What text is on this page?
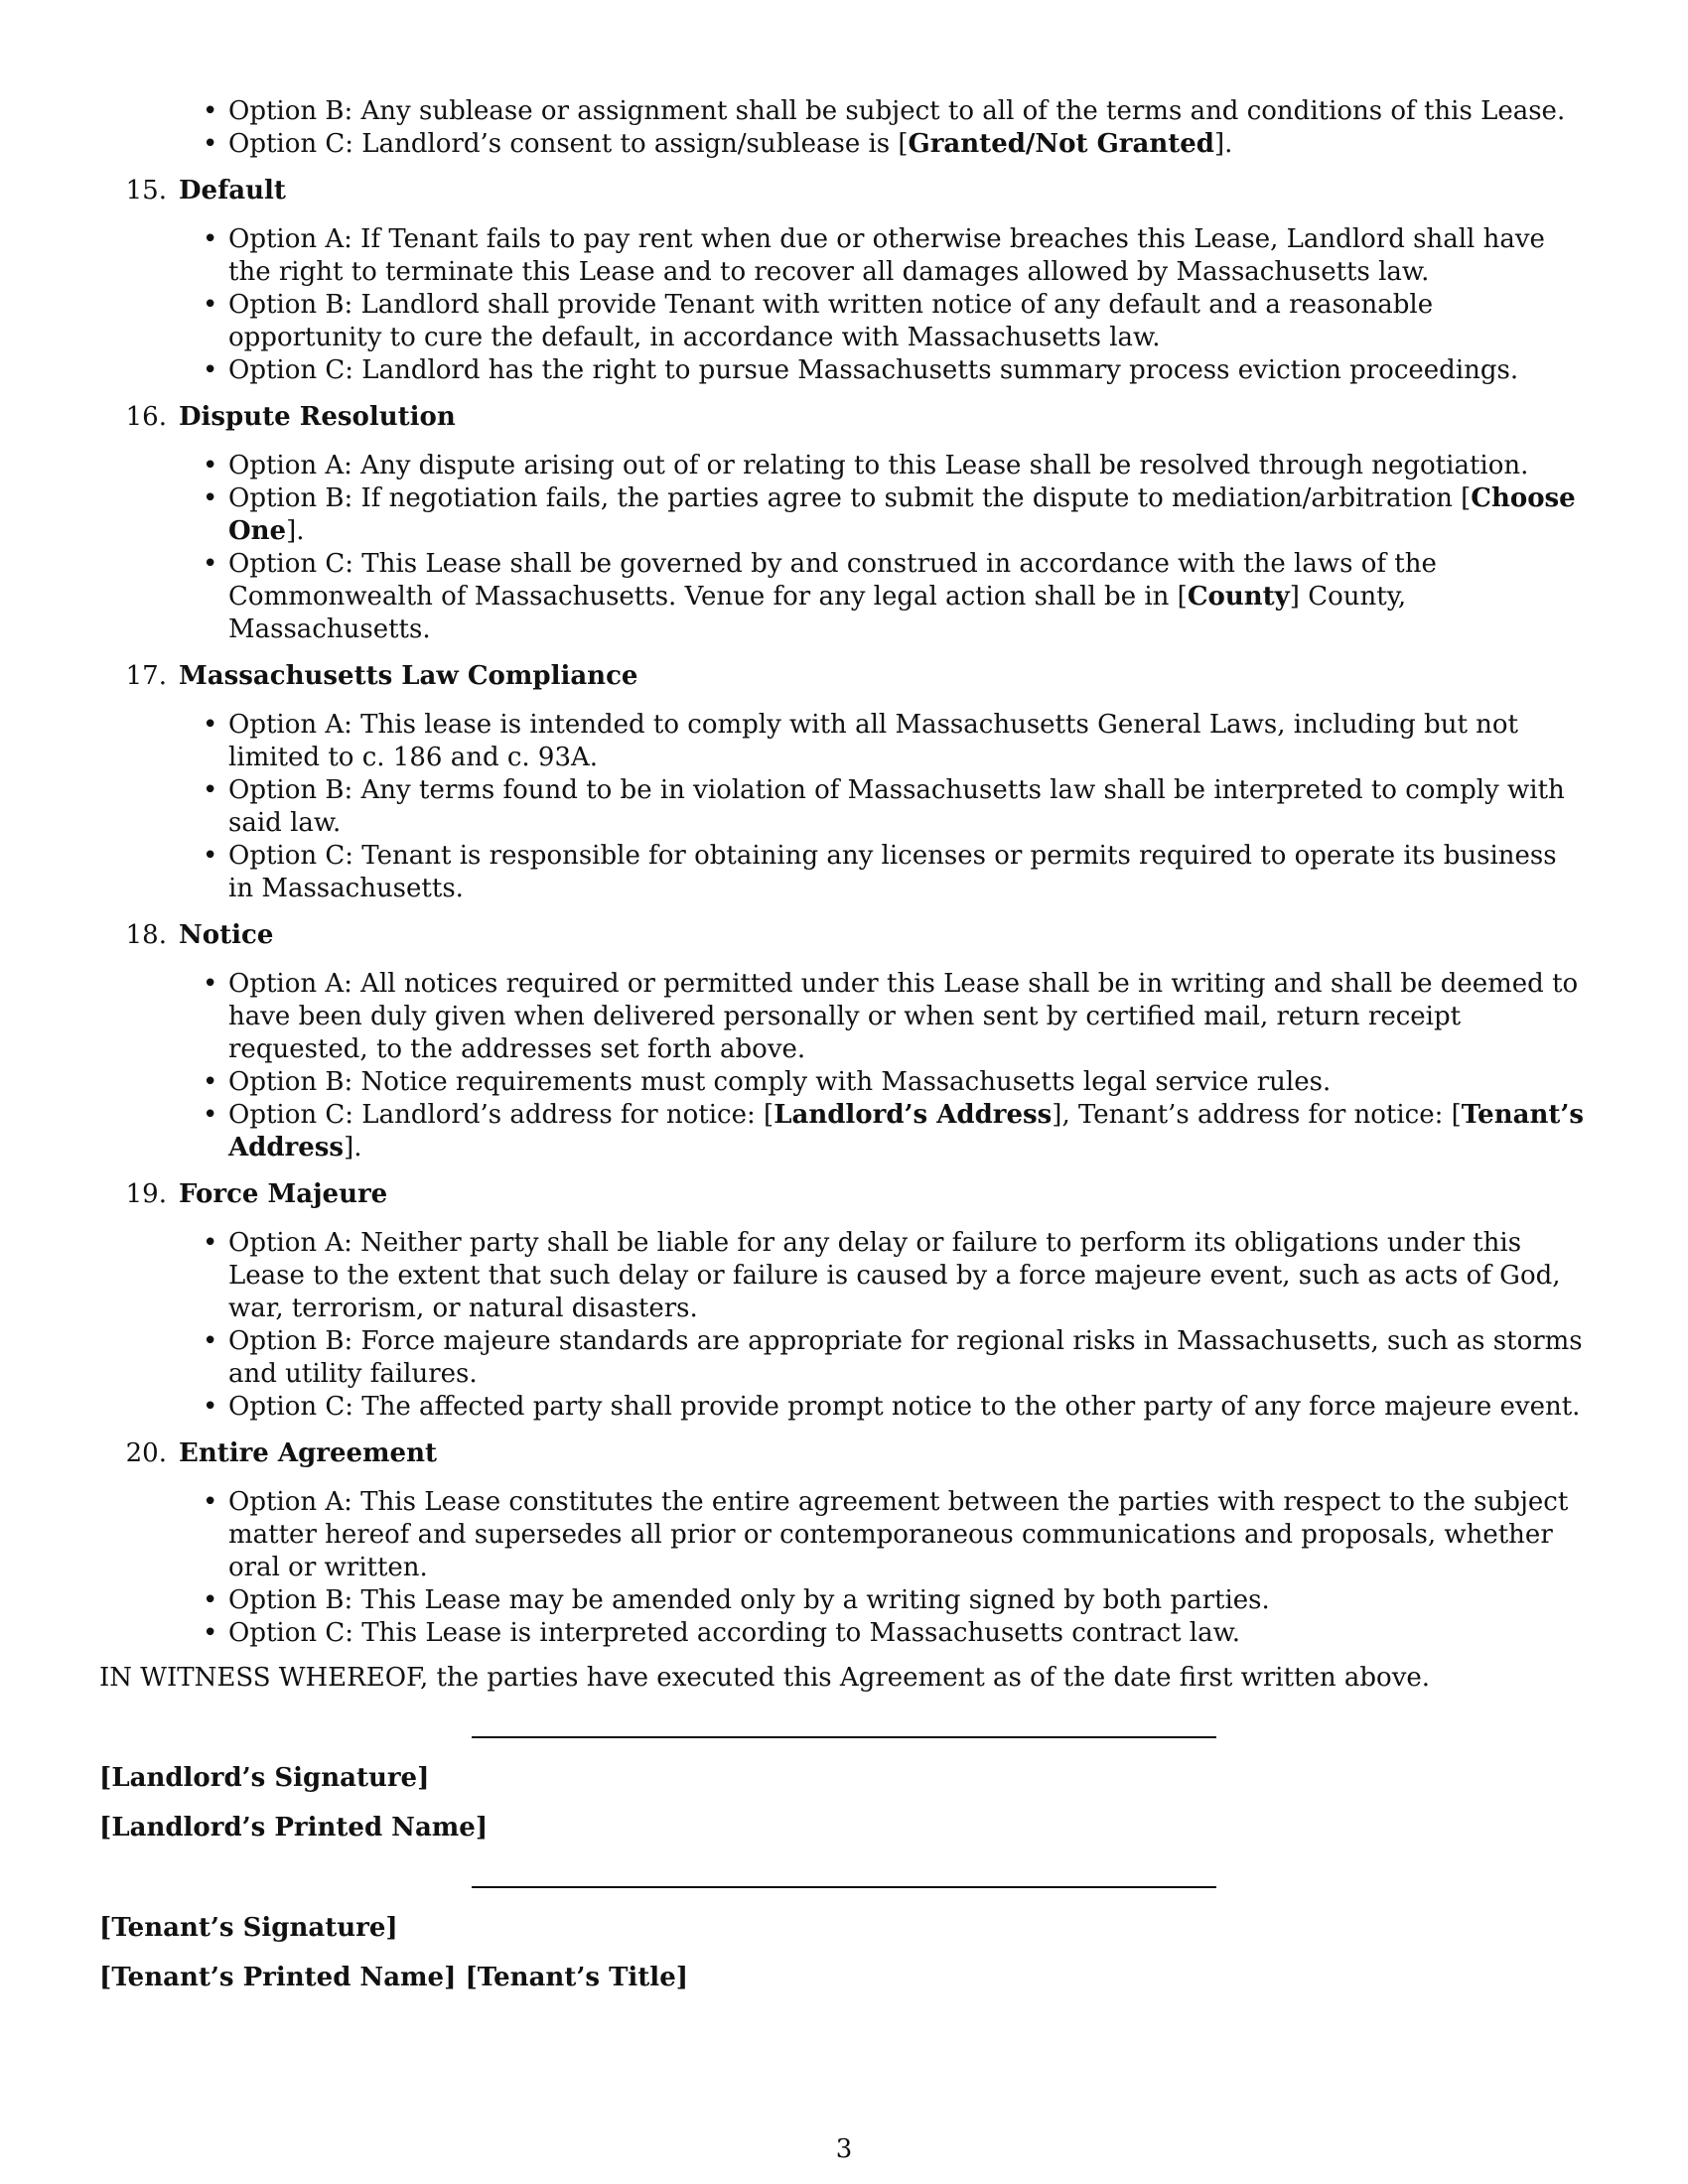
• Option B: Any sublease or assignment shall be subject to all of the terms and conditions of this Lease.
• Option C: Landlord’s consent to assign/sublease is [Granted/Not Granted].
15. Default
• Option A: If Tenant fails to pay rent when due or otherwise breaches this Lease, Landlord shall have the right to terminate this Lease and to recover all damages allowed by Massachusetts law.
• Option B: Landlord shall provide Tenant with written notice of any default and a reasonable opportunity to cure the default, in accordance with Massachusetts law.
• Option C: Landlord has the right to pursue Massachusetts summary process eviction proceedings.
16. Dispute Resolution
• Option A: Any dispute arising out of or relating to this Lease shall be resolved through negotiation.
• Option B: If negotiation fails, the parties agree to submit the dispute to mediation/arbitration [Choose One].
• Option C: This Lease shall be governed by and construed in accordance with the laws of the Commonwealth of Massachusetts. Venue for any legal action shall be in [County] County, Massachusetts.
17. Massachusetts Law Compliance
• Option A: This lease is intended to comply with all Massachusetts General Laws, including but not limited to c. 186 and c. 93A.
• Option B: Any terms found to be in violation of Massachusetts law shall be interpreted to comply with said law.
• Option C: Tenant is responsible for obtaining any licenses or permits required to operate its business in Massachusetts.
18. Notice
• Option A: All notices required or permitted under this Lease shall be in writing and shall be deemed to have been duly given when delivered personally or when sent by certified mail, return receipt requested, to the addresses set forth above.
• Option B: Notice requirements must comply with Massachusetts legal service rules.
• Option C: Landlord’s address for notice: [Landlord’s Address], Tenant’s address for notice: [Tenant’s Address].
19. Force Majeure
• Option A: Neither party shall be liable for any delay or failure to perform its obligations under this Lease to the extent that such delay or failure is caused by a force majeure event, such as acts of God, war, terrorism, or natural disasters.
• Option B: Force majeure standards are appropriate for regional risks in Massachusetts, such as storms and utility failures.
• Option C: The affected party shall provide prompt notice to the other party of any force majeure event.
20. Entire Agreement
• Option A: This Lease constitutes the entire agreement between the parties with respect to the subject matter hereof and supersedes all prior or contemporaneous communications and proposals, whether oral or written.
• Option B: This Lease may be amended only by a writing signed by both parties.
• Option C: This Lease is interpreted according to Massachusetts contract law.
IN WITNESS WHEREOF, the parties have executed this Agreement as of the date first written above.
[Landlord’s Signature]
[Landlord’s Printed Name]
[Tenant’s Signature]
[Tenant’s Printed Name] [Tenant’s Title]
3
